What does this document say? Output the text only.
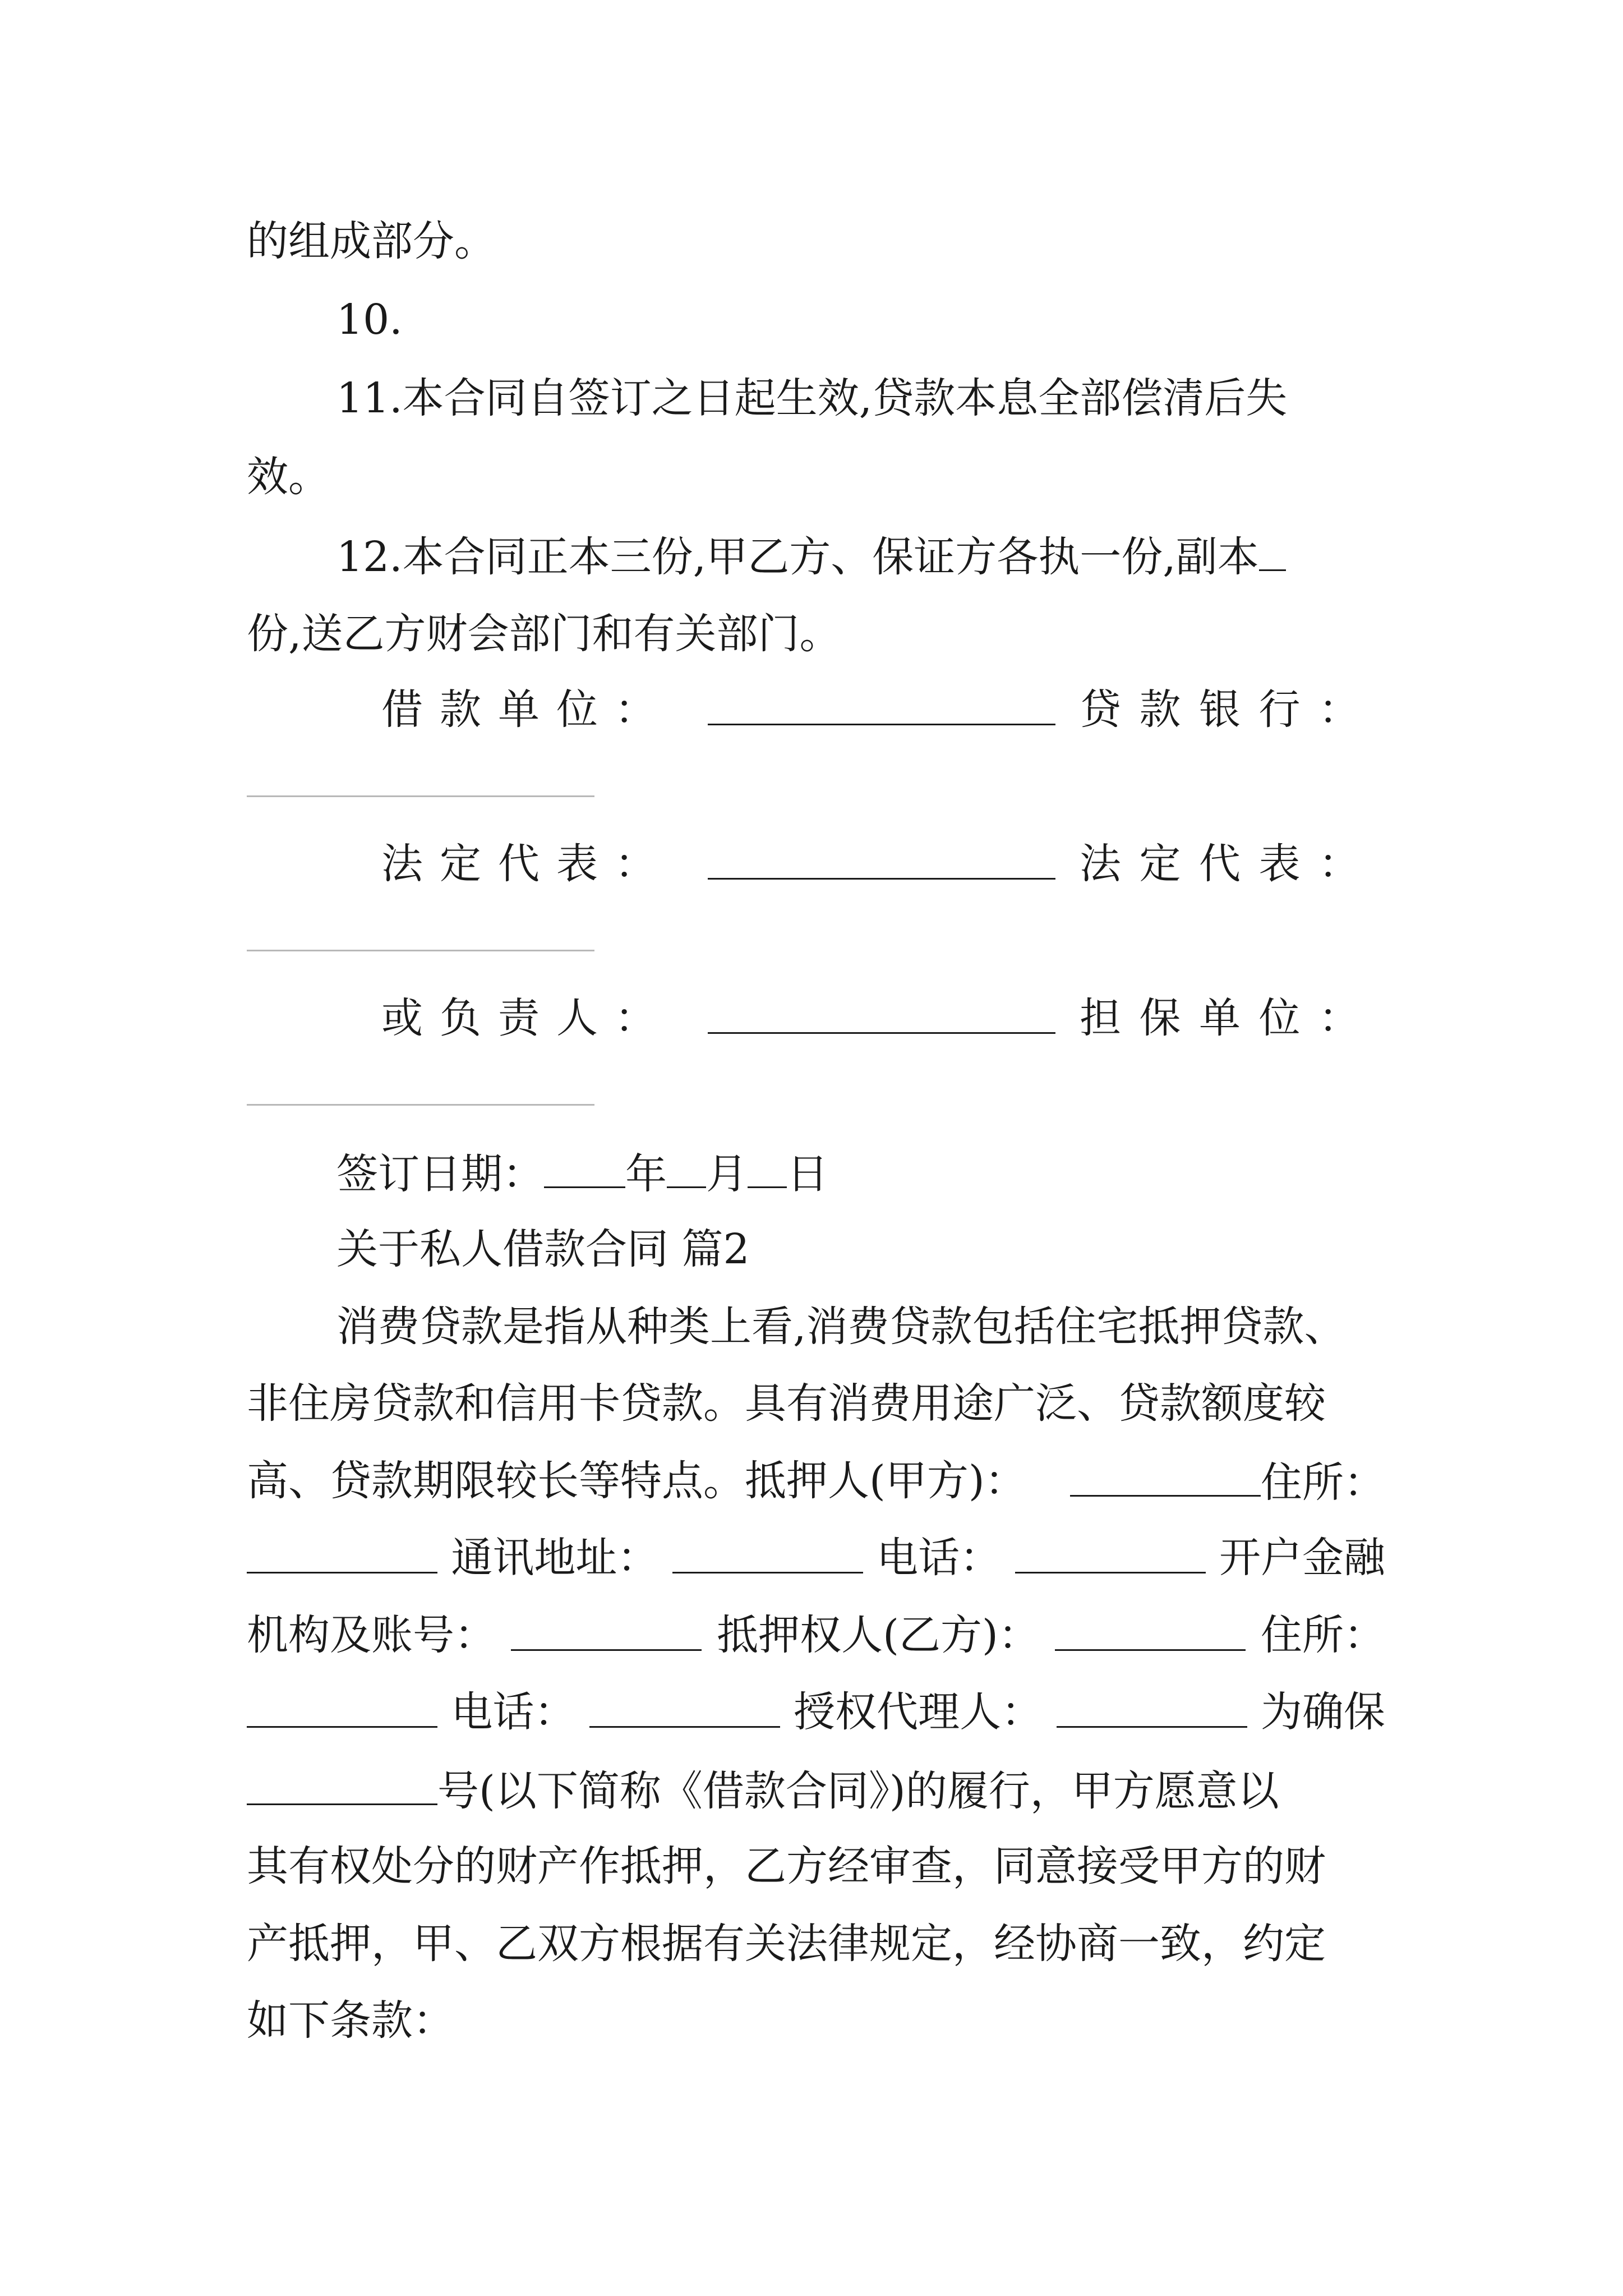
的组成部分。
10.
11.本合同自签订之日起生效,贷款本息全部偿清后失
效。
12.本合同正本三份,甲乙方、保证方各执一份,副本
份,送乙方财会部门和有关部门。
借 款 单 位 ：	贷 款 银 行 ：
法 定 代 表 ：	法 定 代 表 ：
或 负 责 人 ：	担 保 单 位 ：
签订日期： 年 月 日
关于私人借款合同 篇2
消费贷款是指从种类上看,消费贷款包括住宅抵押贷款、
非住房贷款和信用卡贷款。具有消费用途广泛、贷款额度较
高、贷款期限较长等特点。抵押人(甲方)：	住所：
通讯地址：	电话：	开户金融
机构及账号：	抵押权人(乙方)：	住所：
电话：	授权代理人：	为确保
号(以下简称《借款合同》)的履行，甲方愿意以
其有权处分的财产作抵押，乙方经审查，同意接受甲方的财
产抵押，甲、乙双方根据有关法律规定，经协商一致，约定
如下条款：
